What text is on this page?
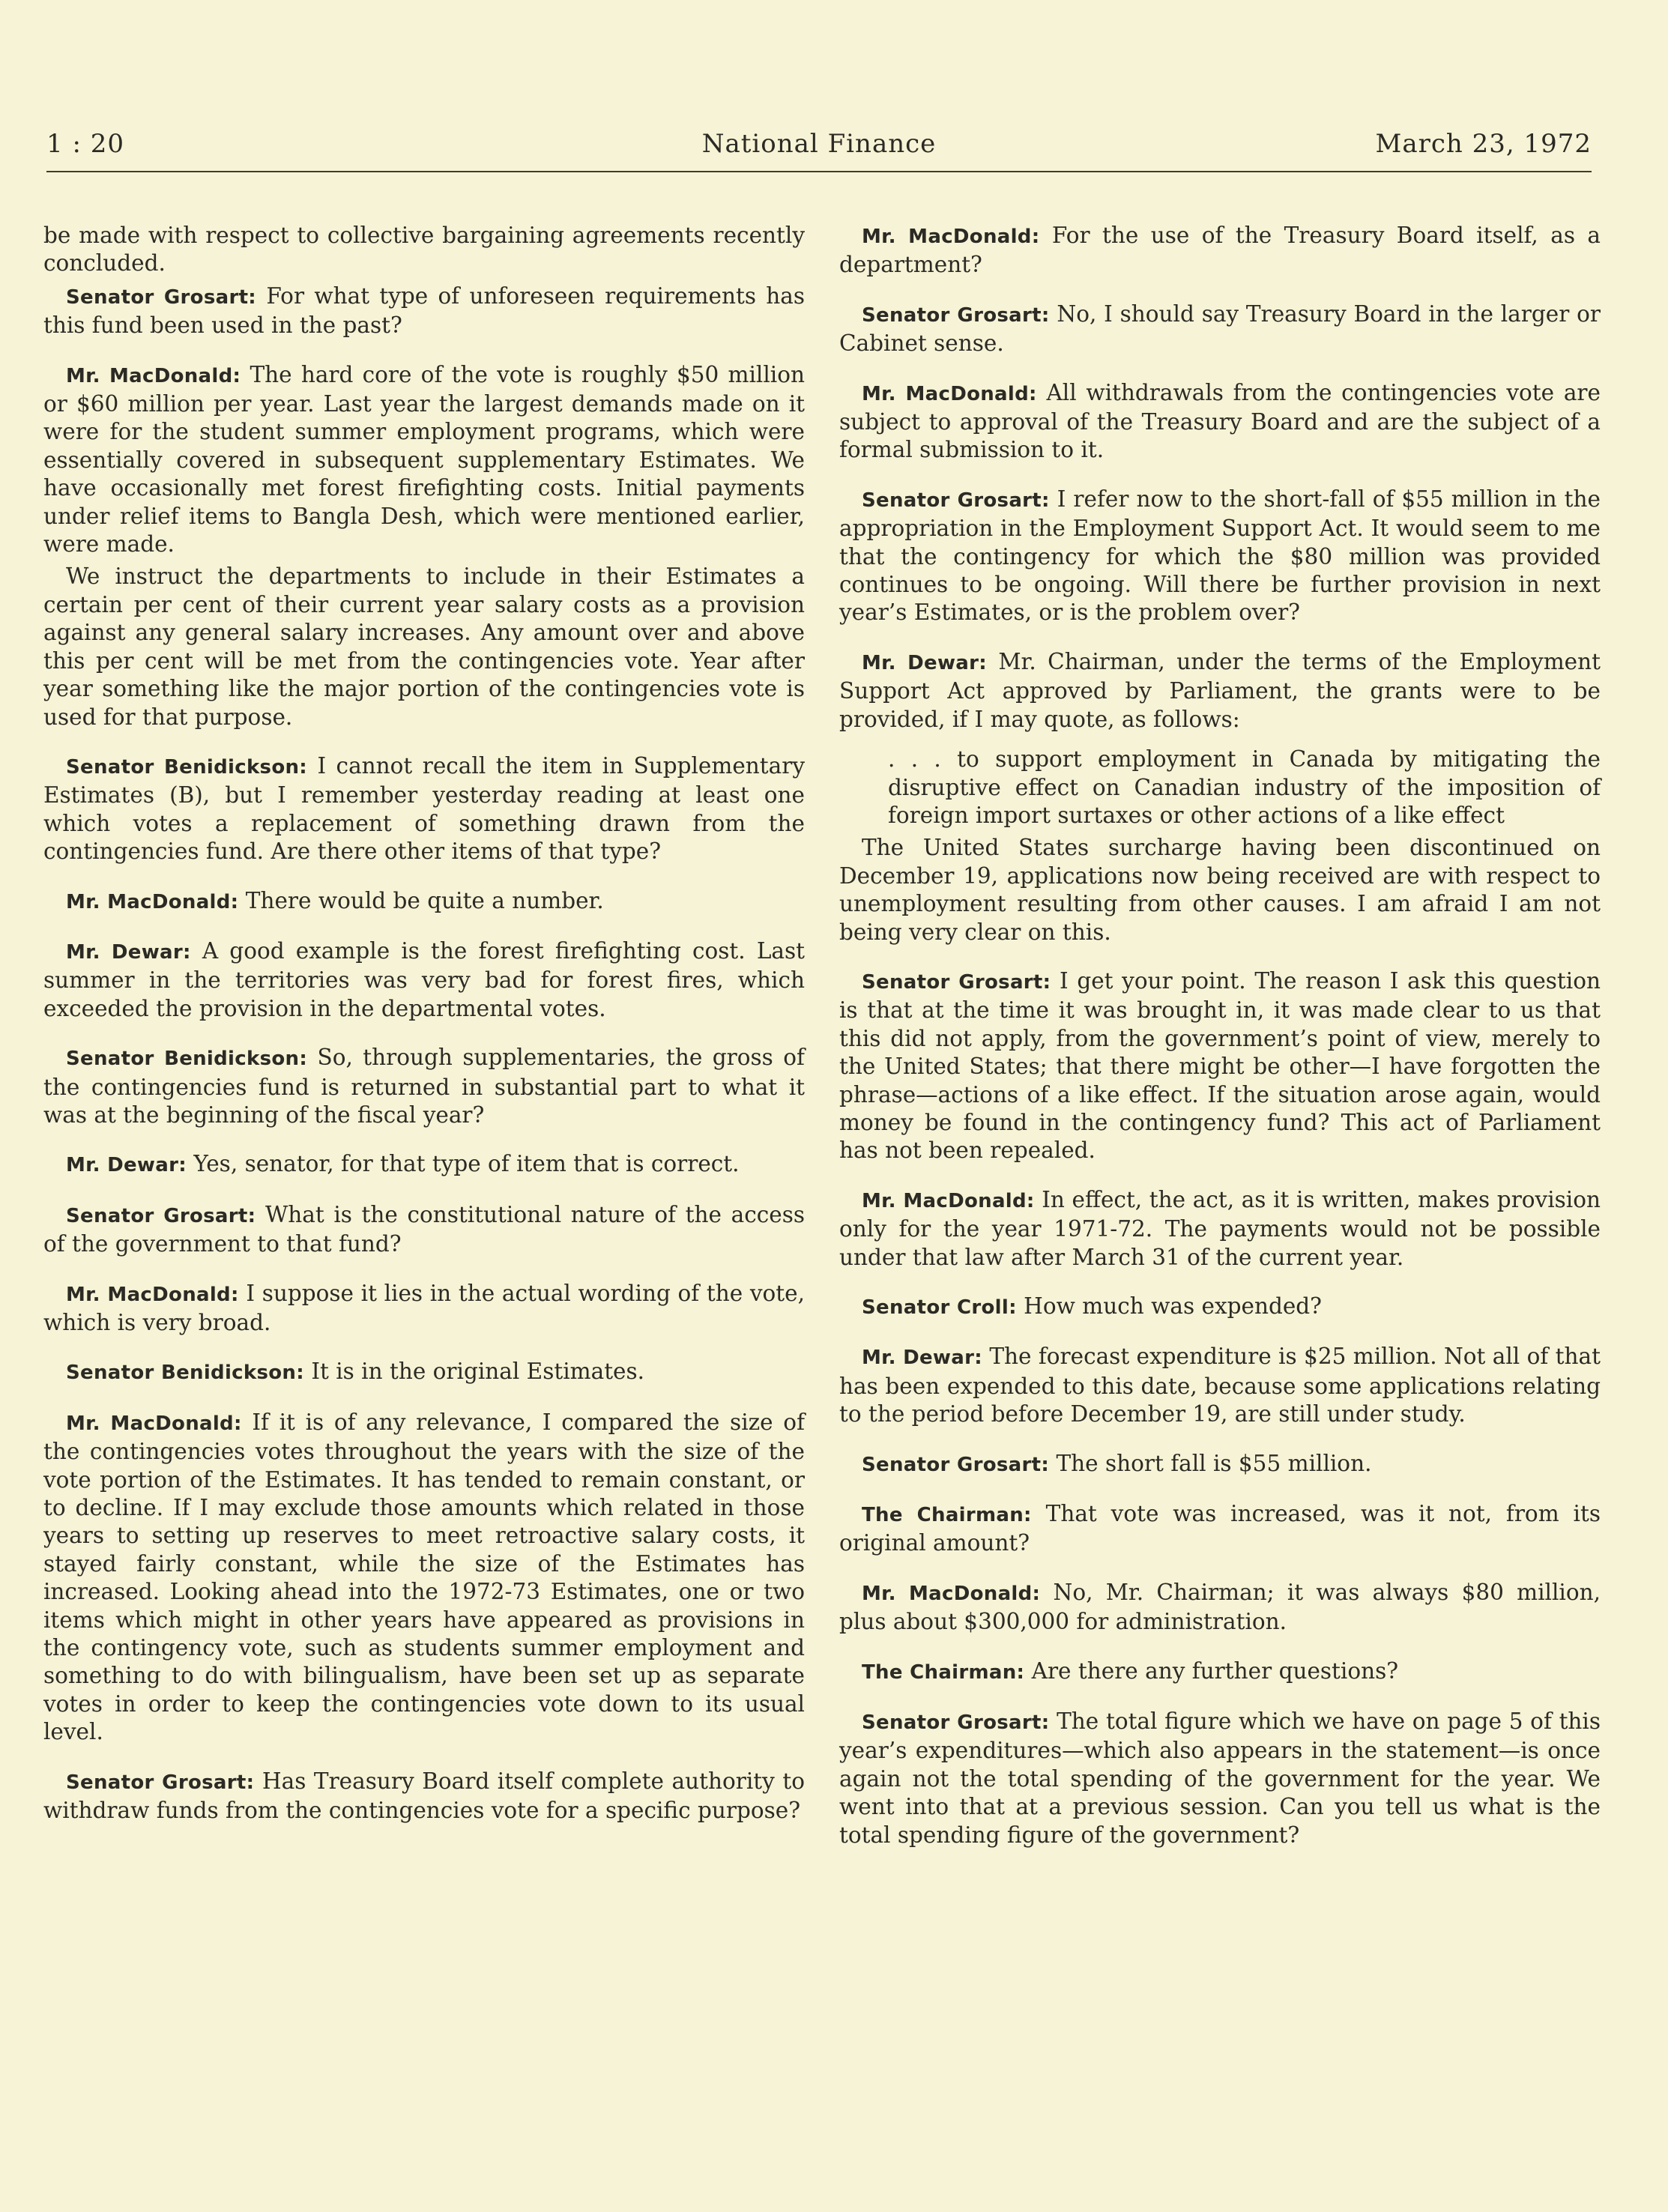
1 : 20	National Finance	March 23, 1972

be made with respect to collective bargaining agreements recently concluded.

Senator Grosart: For what type of unforeseen requirements has this fund been used in the past?

Mr. MacDonald: The hard core of the vote is roughly $50 million or $60 million per year. Last year the largest demands made on it were for the student summer employment programs, which were essentially covered in subsequent supplementary Estimates. We have occasionally met forest firefighting costs. Initial payments under relief items to Bangla Desh, which were mentioned earlier, were made.

We instruct the departments to include in their Estimates a certain per cent of their current year salary costs as a provision against any general salary increases. Any amount over and above this per cent will be met from the contingencies vote. Year after year something like the major portion of the contingencies vote is used for that purpose.

Senator Benidickson: I cannot recall the item in Supplementary Estimates (B), but I remember yesterday reading at least one which votes a replacement of something drawn from the contingencies fund. Are there other items of that type?

Mr. MacDonald: There would be quite a number.

Mr. Dewar: A good example is the forest firefighting cost. Last summer in the territories was very bad for forest fires, which exceeded the provision in the departmental votes.

Senator Benidickson: So, through supplementaries, the gross of the contingencies fund is returned in substantial part to what it was at the beginning of the fiscal year?

Mr. Dewar: Yes, senator, for that type of item that is correct.

Senator Grosart: What is the constitutional nature of the access of the government to that fund?

Mr. MacDonald: I suppose it lies in the actual wording of the vote, which is very broad.

Senator Benidickson: It is in the original Estimates.

Mr. MacDonald: If it is of any relevance, I compared the size of the contingencies votes throughout the years with the size of the vote portion of the Estimates. It has tended to remain constant, or to decline. If I may exclude those amounts which related in those years to setting up reserves to meet retroactive salary costs, it stayed fairly constant, while the size of the Estimates has increased. Looking ahead into the 1972-73 Estimates, one or two items which might in other years have appeared as provisions in the contingency vote, such as students summer employment and something to do with bilingualism, have been set up as separate votes in order to keep the contingencies vote down to its usual level.

Senator Grosart: Has Treasury Board itself complete authority to withdraw funds from the contingencies vote for a specific purpose?

Mr. MacDonald: For the use of the Treasury Board itself, as a department?

Senator Grosart: No, I should say Treasury Board in the larger or Cabinet sense.

Mr. MacDonald: All withdrawals from the contingencies vote are subject to approval of the Treasury Board and are the subject of a formal submission to it.

Senator Grosart: I refer now to the short-fall of $55 million in the appropriation in the Employment Support Act. It would seem to me that the contingency for which the $80 million was provided continues to be ongoing. Will there be further provision in next year’s Estimates, or is the problem over?

Mr. Dewar: Mr. Chairman, under the terms of the Employment Support Act approved by Parliament, the grants were to be provided, if I may quote, as follows:

. . . to support employment in Canada by mitigating the disruptive effect on Canadian industry of the imposition of foreign import surtaxes or other actions of a like effect

The United States surcharge having been discontinued on December 19, applications now being received are with respect to unemployment resulting from other causes. I am afraid I am not being very clear on this.

Senator Grosart: I get your point. The reason I ask this question is that at the time it was brought in, it was made clear to us that this did not apply, from the government’s point of view, merely to the United States; that there might be other—I have forgotten the phrase—actions of a like effect. If the situation arose again, would money be found in the contingency fund? This act of Parliament has not been repealed.

Mr. MacDonald: In effect, the act, as it is written, makes provision only for the year 1971-72. The payments would not be possible under that law after March 31 of the current year.

Senator Croll: How much was expended?

Mr. Dewar: The forecast expenditure is $25 million. Not all of that has been expended to this date, because some applications relating to the period before December 19, are still under study.

Senator Grosart: The short fall is $55 million.

The Chairman: That vote was increased, was it not, from its original amount?

Mr. MacDonald: No, Mr. Chairman; it was always $80 million, plus about $300,000 for administration.

The Chairman: Are there any further questions?

Senator Grosart: The total figure which we have on page 5 of this year’s expenditures—which also appears in the statement—is once again not the total spending of the government for the year. We went into that at a previous session. Can you tell us what is the total spending figure of the government?
